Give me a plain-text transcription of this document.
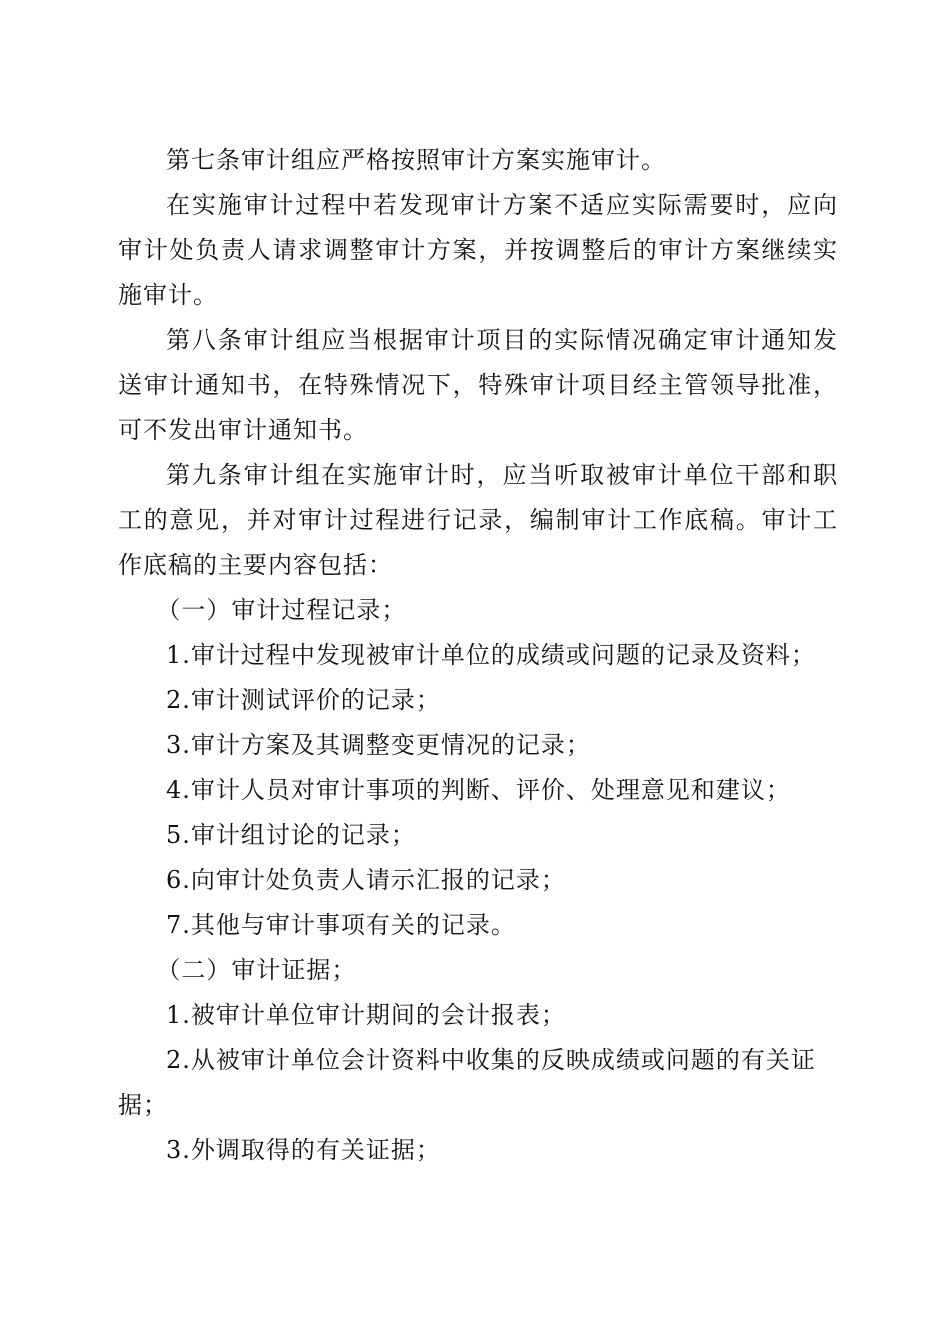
第七条审计组应严格按照审计方案实施审计。

在实施审计过程中若发现审计方案不适应实际需要时，应向审计处负责人请求调整审计方案，并按调整后的审计方案继续实施审计。

第八条审计组应当根据审计项目的实际情况确定审计通知发送审计通知书，在特殊情况下，特殊审计项目经主管领导批准，可不发出审计通知书。

第九条审计组在实施审计时，应当听取被审计单位干部和职工的意见，并对审计过程进行记录，编制审计工作底稿。审计工作底稿的主要内容包括：

（一）审计过程记录；

1.审计过程中发现被审计单位的成绩或问题的记录及资料；

2.审计测试评价的记录；

3.审计方案及其调整变更情况的记录；

4.审计人员对审计事项的判断、评价、处理意见和建议；

5.审计组讨论的记录；

6.向审计处负责人请示汇报的记录；

7.其他与审计事项有关的记录。

（二）审计证据；

1.被审计单位审计期间的会计报表；

2.从被审计单位会计资料中收集的反映成绩或问题的有关证据；

3.外调取得的有关证据；
